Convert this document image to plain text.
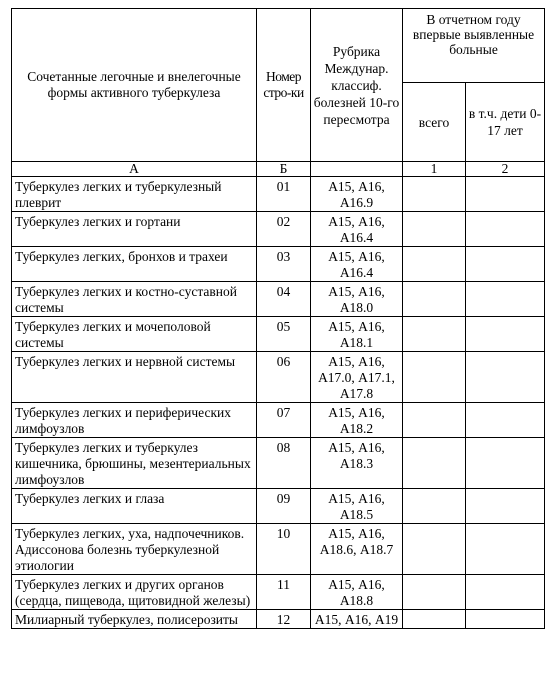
Сочетанные легочные и внелегочные формы активного туберкулеза	Номер стро-ки	Рубрика Междунар. классиф. болезней 10-го пересмотра	В отчетном году впервые выявленные больные	
			всего	в т.ч. дети 0-17 лет
А	Б		1	2
Туберкулез легких и туберкулезный плеврит	01	А15, А16, А16.9		
Туберкулез легких и гортани	02	А15, А16, А16.4		
Туберкулез легких, бронхов и трахеи	03	А15, А16, А16.4		
Туберкулез легких и костно-суставной системы	04	А15, А16, А18.0		
Туберкулез легких и мочеполовой системы	05	А15, А16, А18.1		
Туберкулез легких и нервной системы	06	А15, А16, А17.0, А17.1, А17.8		
Туберкулез легких и периферических лимфоузлов	07	А15, А16, А18.2		
Туберкулез легких и туберкулез кишечника, брюшины, мезентериальных лимфоузлов	08	А15, А16, А18.3		
Туберкулез легких и глаза	09	А15, А16, А18.5		
Туберкулез легких, уха, надпочечников. Адиссонова болезнь туберкулезной этиологии	10	А15, А16, А18.6, А18.7		
Туберкулез легких и других органов (сердца, пищевода, щитовидной железы)	11	А15, А16, А18.8		
Милиарный туберкулез, полисерозиты	12	А15, А16, А19		
